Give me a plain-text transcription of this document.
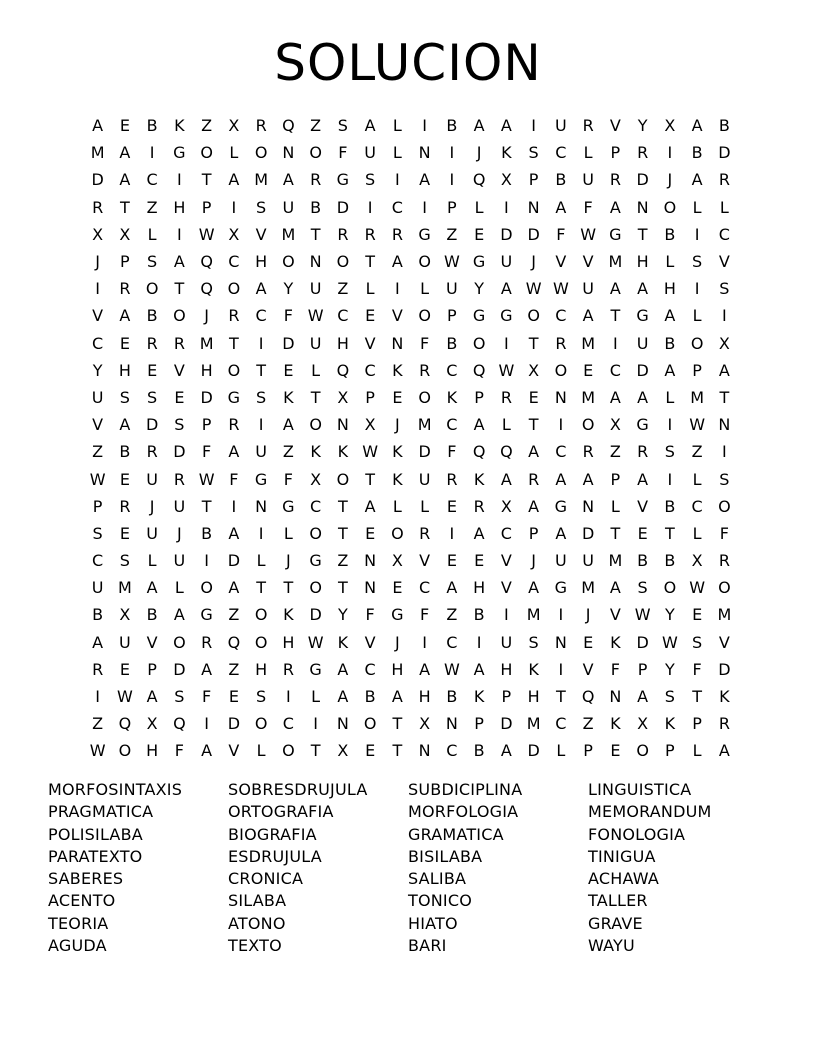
SOLUCION
A	E	B	K	Z	X	R Q Z	S	A	L	I	B	A	A	I	U R	V	Y	X	A	B
M A	I	G O	L	O N O	F	U	L	N	I	J	K	S	C	L	P	R	I	B D
D A	C	I	T	A M A	R G S	I	A	I	Q X	P	B U R D	J	A	R
R	T	Z H	P	I	S	U B D	I	C	I	P	L	I	N A	F	A N O	L	L
X	X	L	I	W X	V M T	R	R	R G Z	E	D D	F W G	T	B	I	C
J	P	S	A Q C H O N O	T	A O W G U	J	V	V M H	L	S	V
I	R O	T	Q O A	Y	U Z	L	I	L	U	Y	A W W U A	A H	I	S
V	A	B O	J	R	C	F W C	E	V O	P	G G O C	A	T	G A	L	I
C	E	R	R M T	I	D U H V N	F	B O	I	T	R M	I	U B O X
Y	H	E	V H O	T	E	L	Q C	K	R	C Q W X O E	C D A	P	A
U	S	S	E	D G S	K	T	X	P	E O K	P	R	E	N M A	A	L M T
V	A D	S	P	R	I	A O N X	J	M C	A	L	T	I	O X G	I	W N
Z	B	R D	F	A U Z	K	K W K D	F	Q Q A	C	R	Z	R	S	Z	I
W E	U R W F	G	F	X O	T	K	U R	K	A	R	A	A	P	A	I	L	S
P	R	J	U	T	I	N G C	T	A	L	L	E	R	X	A G N	L	V	B	C O
S	E	U	J	B	A	I	L	O	T	E O R	I	A	C	P	A D	T	E	T	L	F
C	S	L	U	I	D	L	J	G Z N X	V	E	E	V	J	U U M B	B	X	R
U M A	L	O A	T	T	O	T	N	E	C	A H V	A G M A	S O W O
B	X	B	A G Z O K D	Y	F	G	F	Z	B	I	M	I	J	V W Y	E M
A U V O R Q O H W K	V	J	I	C	I	U	S	N	E	K D W S	V
R	E	P	D A	Z H R G A	C H A W A H K	I	V	F	P	Y	F	D
I	W A	S	F	E	S	I	L	A	B	A H B	K	P	H	T	Q N A	S	T	K
Z Q X Q	I	D O C	I	N O	T	X N	P	D M C	Z	K	X	K	P	R
W O H	F	A	V	L	O	T	X	E	T	N C	B	A D	L	P	E O	P	L	A
MORFOSINTAXIS
PRAGMATICA
POLISILABA
PARATEXTO
SABERES
ACENTO
TEORIA
AGUDA
SOBRESDRUJULA
ORTOGRAFIA
BIOGRAFIA
ESDRUJULA
CRONICA
SILABA
ATONO
TEXTO
SUBDICIPLINA
MORFOLOGIA
GRAMATICA
BISILABA
SALIBA
TONICO
HIATO
BARI
LINGUISTICA
MEMORANDUM
FONOLOGIA
TINIGUA
ACHAWA
TALLER
GRAVE
WAYU
